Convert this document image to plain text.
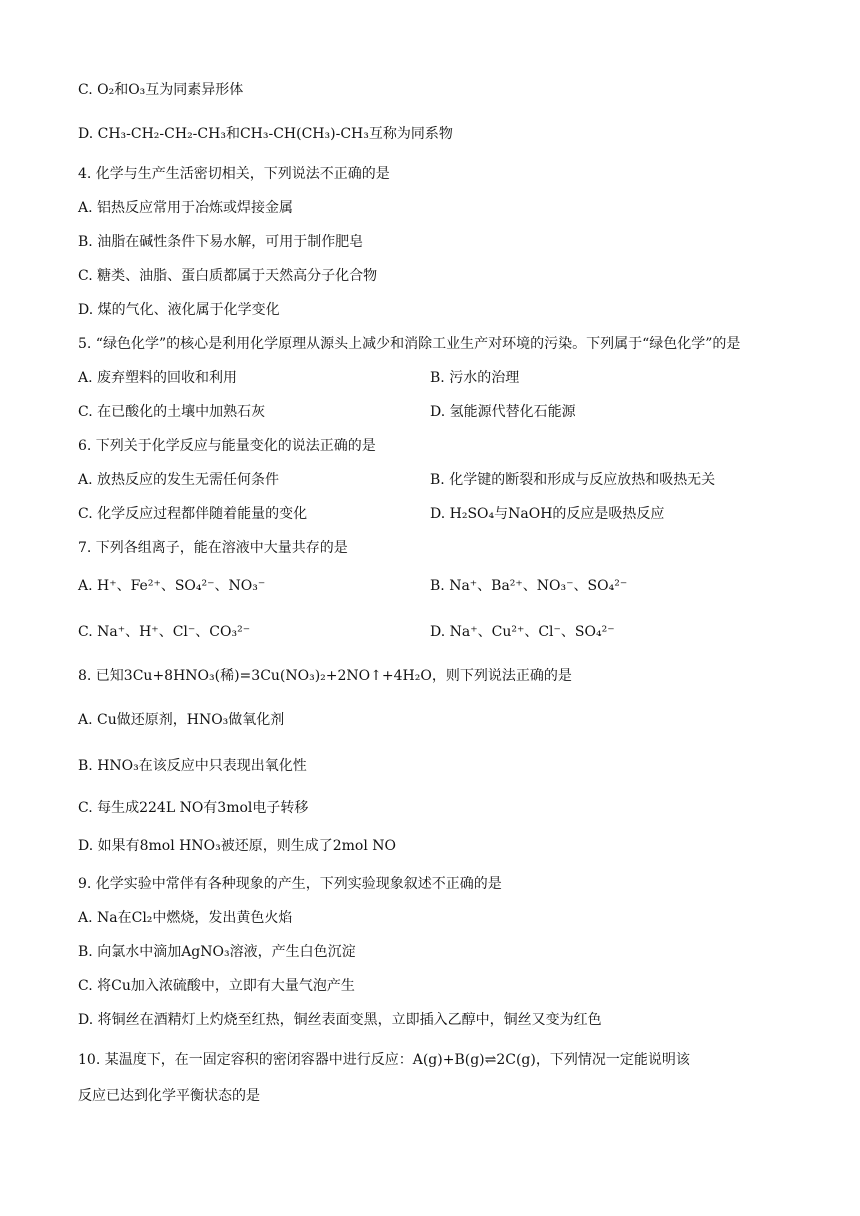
C. O₂和O₃互为同素异形体
D. CH₃-CH₂-CH₂-CH₃和CH₃-CH(CH₃)-CH₃互称为同系物
4. 化学与生产生活密切相关，下列说法不正确的是
A. 铝热反应常用于冶炼或焊接金属
B. 油脂在碱性条件下易水解，可用于制作肥皂
C. 糖类、油脂、蛋白质都属于天然高分子化合物
D. 煤的气化、液化属于化学变化
5. “绿色化学”的核心是利用化学原理从源头上减少和消除工业生产对环境的污染。下列属于“绿色化学”的是
A. 废弃塑料的回收和利用	B. 污水的治理
C. 在已酸化的土壤中加熟石灰	D. 氢能源代替化石能源
6. 下列关于化学反应与能量变化的说法正确的是
A. 放热反应的发生无需任何条件	B. 化学键的断裂和形成与反应放热和吸热无关
C. 化学反应过程都伴随着能量的变化	D. H₂SO₄与NaOH的反应是吸热反应
7. 下列各组离子，能在溶液中大量共存的是
A. H⁺、Fe²⁺、SO₄²⁻、NO₃⁻	B. Na⁺、Ba²⁺、NO₃⁻、SO₄²⁻
C. Na⁺、H⁺、Cl⁻、CO₃²⁻	D. Na⁺、Cu²⁺、Cl⁻、SO₄²⁻
8. 已知3Cu+8HNO₃(稀)=3Cu(NO₃)₂+2NO↑+4H₂O，则下列说法正确的是
A. Cu做还原剂，HNO₃做氧化剂
B. HNO₃在该反应中只表现出氧化性
C. 每生成224L NO有3mol电子转移
D. 如果有8mol HNO₃被还原，则生成了2mol NO
9. 化学实验中常伴有各种现象的产生，下列实验现象叙述不正确的是
A. Na在Cl₂中燃烧，发出黄色火焰
B. 向氯水中滴加AgNO₃溶液，产生白色沉淀
C. 将Cu加入浓硫酸中，立即有大量气泡产生
D. 将铜丝在酒精灯上灼烧至红热，铜丝表面变黑，立即插入乙醇中，铜丝又变为红色
10. 某温度下，在一固定容积的密闭容器中进行反应：A(g)+B(g)⇌2C(g)，下列情况一定能说明该
反应已达到化学平衡状态的是
